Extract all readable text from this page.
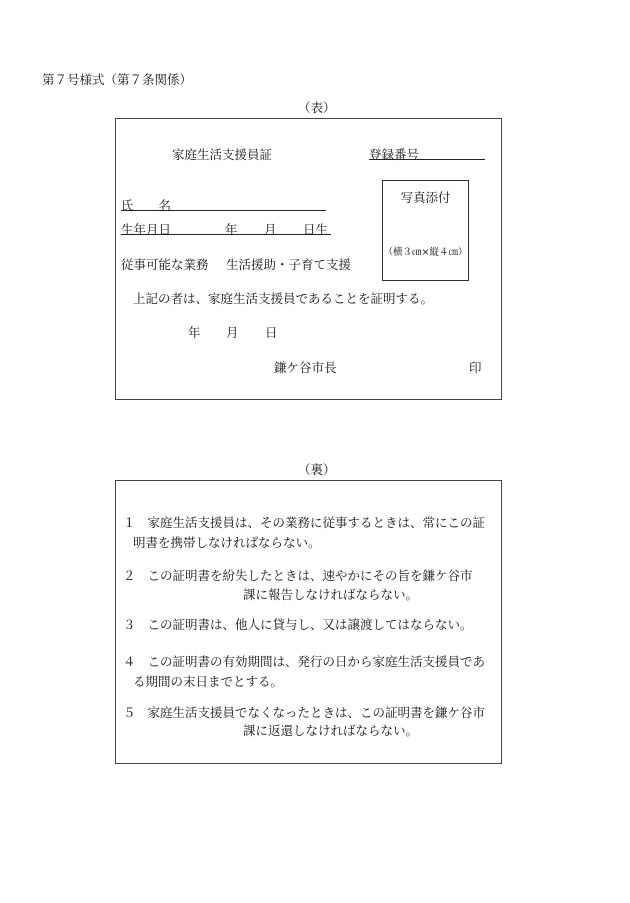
第７号様式（第７条関係）
（表）
家庭生活支援員証	登録番号
氏　　名
生年月日	年 月 日生
従事可能な業務 生活援助・子育て支援
写真添付
（横３㎝×縦４㎝）
上記の者は、家庭生活支援員であることを証明する。
年 月 日
鎌ケ谷市長	印
（裏）
１ 家庭生活支援員は、その業務に従事するときは、常にこの証
明書を携帯しなければならない。
２ この証明書を紛失したときは、速やかにその旨を鎌ケ谷市
課に報告しなければならない。
３ この証明書は、他人に貸与し、又は譲渡してはならない。
４ この証明書の有効期間は、発行の日から家庭生活支援員であ
る期間の末日までとする。
５ 家庭生活支援員でなくなったときは、この証明書を鎌ケ谷市
課に返還しなければならない。
